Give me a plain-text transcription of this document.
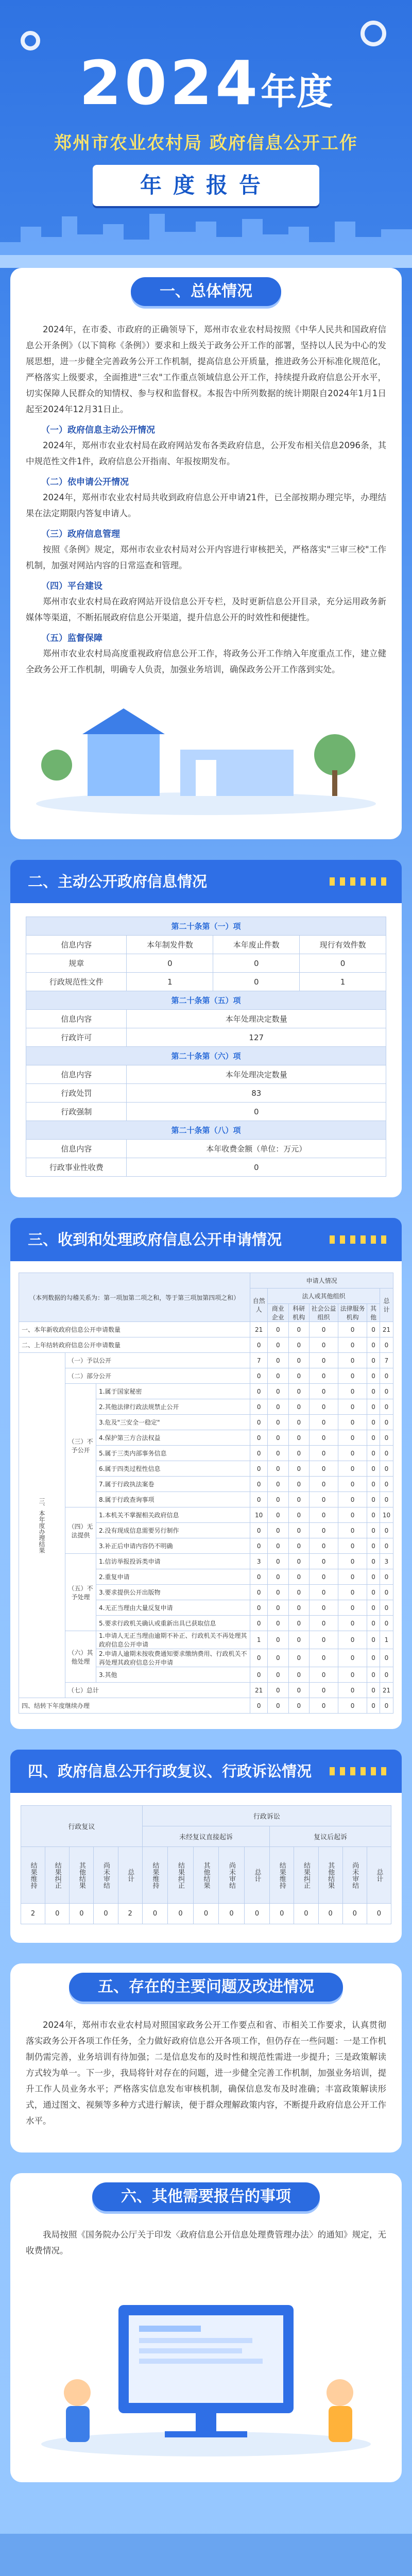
2024年度
郑州市农业农村局 政府信息公开工作
年度报告
一、总体情况

2024年，在市委、市政府的正确领导下，郑州市农业农村局按照《中华人民共和国政府信息公开条例》（以下简称《条例》）要求和上级关于政务公开工作的部署，坚持以人民为中心的发展思想，进一步健全完善政务公开工作机制，提高信息公开质量，推进政务公开标准化规范化，严格落实上级要求，全面推进"三农"工作重点领域信息公开工作，持续提升政府信息公开水平，切实保障人民群众的知情权、参与权和监督权。本报告中所列数据的统计期限自2024年1月1日起至2024年12月31日止。

（一）政府信息主动公开情况

2024年，郑州市农业农村局在政府网站发布各类政府信息，公开发布相关信息2096条，其中规范性文件1件，政府信息公开指南、年报按期发布。

（二）依申请公开情况

2024年，郑州市农业农村局共收到政府信息公开申请21件，已全部按期办理完毕，办理结果在法定期限内答复申请人。

（三）政府信息管理

按照《条例》规定，郑州市农业农村局对公开内容进行审核把关，严格落实"三审三校"工作机制，加强对网站内容的日常巡查和管理。

（四）平台建设

郑州市农业农村局在政府网站开设信息公开专栏，及时更新信息公开目录，充分运用政务新媒体等渠道，不断拓展政府信息公开渠道，提升信息公开的时效性和便捷性。

（五）监督保障

郑州市农业农村局高度重视政府信息公开工作，将政务公开工作纳入年度重点工作，建立健全政务公开工作机制，明确专人负责，加强业务培训，确保政务公开工作落到实处。

二、主动公开政府信息情况
第二十条第（一）项			
信息内容	本年制发件数	本年废止件数	现行有效件数
规章	0	0	0
行政规范性文件	1	0	1
第二十条第（五）项			
信息内容	本年处理决定数量		
行政许可	127		
第二十条第（六）项			
信息内容	本年处理决定数量		
行政处罚	83		
行政强制	0		
第二十条第（八）项			
信息内容	本年收费金额（单位：万元）		
行政事业性收费	0		
三、收到和处理政府信息公开申请情况
（本列数据的勾稽关系为：第一项加第二项之和，等于第三项加第四项之和）			申请人情况						
			自然人	法人或其他组织					总计
				商业企业	科研机构	社会公益组织	法律服务机构	其他	
一、本年新收政府信息公开申请数量			21	0	0	0	0	0	21
二、上年结转政府信息公开申请数量			0	0	0	0	0	0	0
三、本年度办理结果	（一）予以公开		7	0	0	0	0	0	7
	（二）部分公开		0	0	0	0	0	0	0
	（三）不予公开	1.属于国家秘密	0	0	0	0	0	0	0
		2.其他法律行政法规禁止公开	0	0	0	0	0	0	0
		3.危及"三安全一稳定"	0	0	0	0	0	0	0
		4.保护第三方合法权益	0	0	0	0	0	0	0
		5.属于三类内部事务信息	0	0	0	0	0	0	0
		6.属于四类过程性信息	0	0	0	0	0	0	0
		7.属于行政执法案卷	0	0	0	0	0	0	0
		8.属于行政查询事项	0	0	0	0	0	0	0
	（四）无法提供	1.本机关不掌握相关政府信息	10	0	0	0	0	0	10
		2.没有现成信息需要另行制作	0	0	0	0	0	0	0
		3.补正后申请内容仍不明确	0	0	0	0	0	0	0
	（五）不予处理	1.信访举报投诉类申请	3	0	0	0	0	0	3
		2.重复申请	0	0	0	0	0	0	0
		3.要求提供公开出版物	0	0	0	0	0	0	0
		4.无正当理由大量反复申请	0	0	0	0	0	0	0
		5.要求行政机关确认或重新出具已获取信息	0	0	0	0	0	0	0
	（六）其他处理	1.申请人无正当理由逾期不补正、行政机关不再处理其政府信息公开申请	1	0	0	0	0	0	1
		2.申请人逾期未按收费通知要求缴纳费用、行政机关不再处理其政府信息公开申请	0	0	0	0	0	0	0
		3.其他	0	0	0	0	0	0	0
	（七）总计		21	0	0	0	0	0	21
四、结转下年度继续办理			0	0	0	0	0	0	0
四、政府信息公开行政复议、行政诉讼情况
行政复议					行政诉讼									
					未经复议直接起诉					复议后起诉				
结果维持	结果纠正	其他结果	尚未审结	总计	结果维持	结果纠正	其他结果	尚未审结	总计	结果维持	结果纠正	其他结果	尚未审结	总计
2	0	0	0	2	0	0	0	0	0	0	0	0	0	0
五、存在的主要问题及改进情况

2024年，郑州市农业农村局对照国家政务公开工作要点和省、市相关工作要求，认真贯彻落实政务公开各项工作任务，全力做好政府信息公开各项工作，但仍存在一些问题：一是工作机制仍需完善，业务培训有待加强；二是信息发布的及时性和规范性需进一步提升；三是政策解读方式较为单一。下一步，我局将针对存在的问题，进一步健全完善工作机制，加强业务培训，提升工作人员业务水平；严格落实信息发布审核机制，确保信息发布及时准确；丰富政策解读形式，通过图文、视频等多种方式进行解读，便于群众理解政策内容，不断提升政府信息公开工作水平。

六、其他需要报告的事项

我局按照《国务院办公厅关于印发〈政府信息公开信息处理费管理办法〉的通知》规定，无收费情况。
